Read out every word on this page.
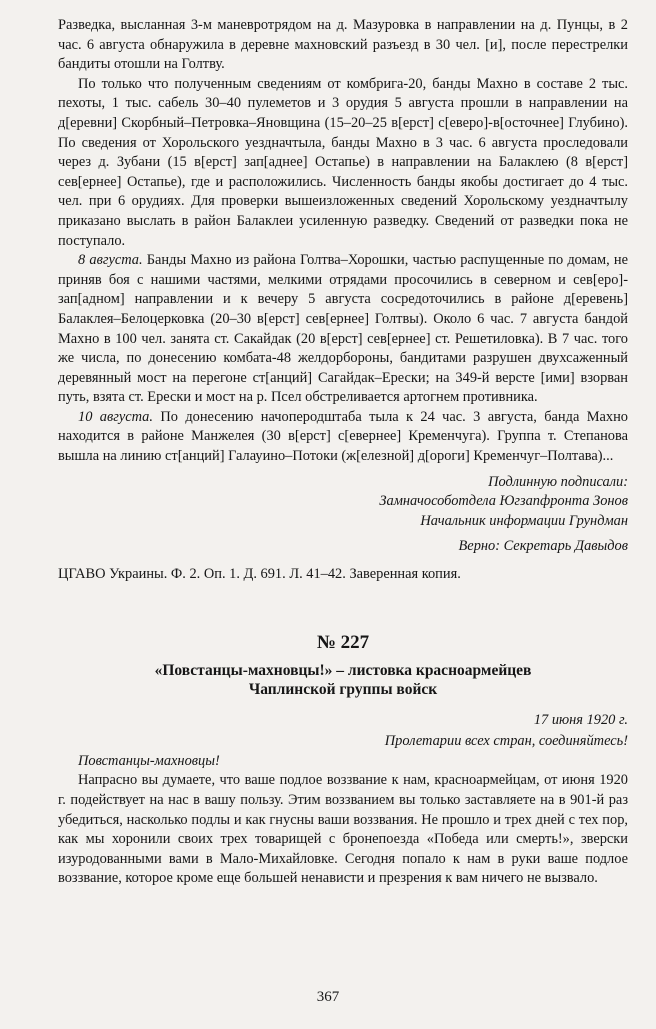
Разведка, высланная 3-м маневротрядом на д. Мазуровка в направлении на д. Пунцы, в 2 час. 6 августа обнаружила в деревне махновский разъезд в 30 чел. [и], после перестрелки бандиты отошли на Голтву.

По только что полученным сведениям от комбрига-20, банды Махно в составе 2 тыс. пехоты, 1 тыс. сабель 30–40 пулеметов и 3 орудия 5 августа прошли в направлении на д[еревни] Скорбный–Петровка–Яновщина (15–20–25 в[ерст] с[еверо]-в[осточнее] Глубино). По сведения от Хорольского уездначтыла, банды Махно в 3 час. 6 августа проследовали через д. Зубани (15 в[ерст] зап[аднее] Остапье) в направлении на Балаклею (8 в[ерст] сев[ернее] Остапье), где и расположились. Численность банды якобы достигает до 4 тыс. чел. при 6 орудиях. Для проверки вышеизложенных сведений Хорольскому уездначтылу приказано выслать в район Балаклеи усиленную разведку. Сведений от разведки пока не поступало.

8 августа. Банды Махно из района Голтва–Хорошки, частью распущенные по домам, не приняв боя с нашими частями, мелкими отрядами просочились в северном и сев[еро]-зап[адном] направлении и к вечеру 5 августа сосредоточились в районе д[еревень] Балаклея–Белоцерковка (20–30 в[ерст] сев[ернее] Голтвы). Около 6 час. 7 августа бандой Махно в 100 чел. занята ст. Сакайдак (20 в[ерст] сев[ернее] ст. Решетиловка). В 7 час. того же числа, по донесению комбата-48 желдорбороны, бандитами разрушен двухсаженный деревянный мост на перегоне ст[анций] Сагайдак–Ерески; на 349-й версте [ими] взорван путь, взята ст. Ерески и мост на р. Псел обстреливается артогнем противника.

10 августа. По донесению начоперодштаба тыла к 24 час. 3 августа, банда Махно находится в районе Манжелея (30 в[ерст] с[евернее] Кременчуга). Группа т. Степанова вышла на линию ст[анций] Галауино–Потоки (ж[елезной] д[ороги] Кременчуг–Полтава)...

Подлинную подписали:
Замначособотдела Югзапфронта Зонов
Начальник информации Грундман
Верно: Секретарь Давыдов
ЦГАВО Украины. Ф. 2. Оп. 1. Д. 691. Л. 41–42. Заверенная копия.
№ 227
«Повстанцы-махновцы!» – листовка красноармейцев
Чаплинской группы войск
17 июня 1920 г.
Пролетарии всех стран, соединяйтесь!
Повстанцы-махновцы!

Напрасно вы думаете, что ваше подлое воззвание к нам, красноармейцам, от июня 1920 г. подействует на нас в вашу пользу. Этим воззванием вы только заставляете на в 901-й раз убедиться, насколько подлы и как гнусны ваши воззвания. Не прошло и трех дней с тех пор, как мы хоронили своих трех товарищей с бронепоезда «Победа или смерть!», зверски изуродованными вами в Мало-Михайловке. Сегодня попало к нам в руки ваше подлое воззвание, которое кроме еще большей ненависти и презрения к вам ничего не вызвало.

367
